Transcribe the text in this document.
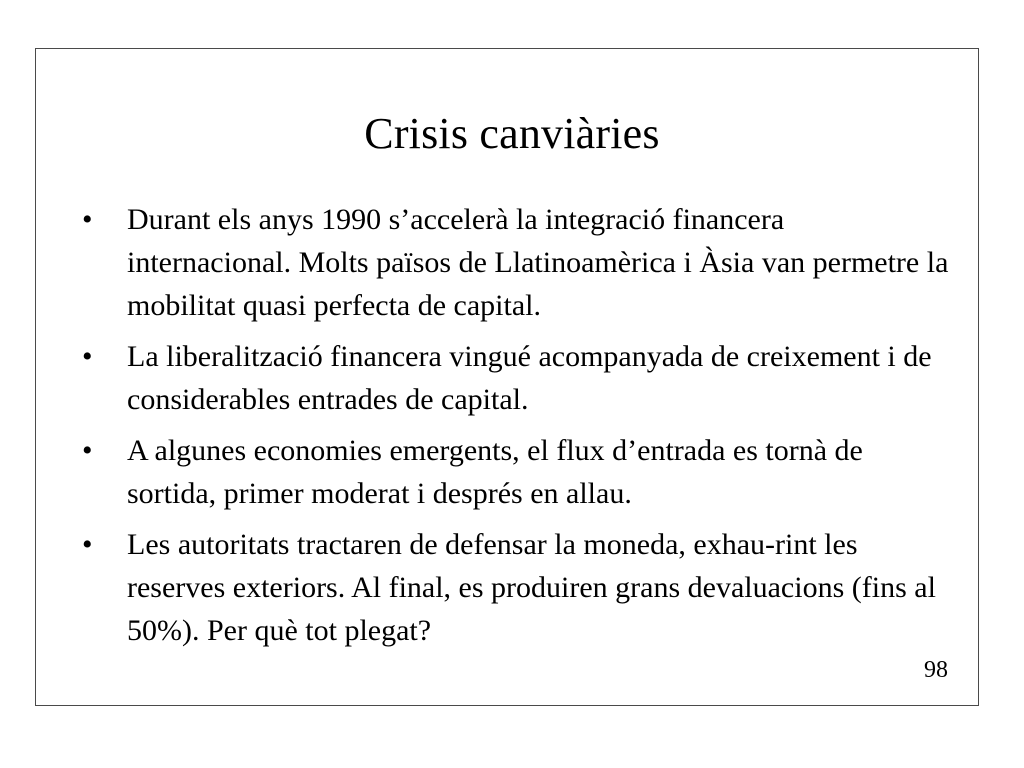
Crisis canviàries
• Durant els anys 1990 s’accelerà la integració financera internacional. Molts països de Llatinoamèrica i Àsia van permetre la mobilitat quasi perfecta de capital.
• La liberalització financera vingué acompanyada de creixement i de considerables entrades de capital.
• A algunes economies emergents, el flux d’entrada es tornà de sortida, primer moderat i després en allau.
• Les autoritats tractaren de defensar la moneda, exhau-rint les reserves exteriors. Al final, es produiren grans devaluacions (fins al 50%). Per què tot plegat?
98
